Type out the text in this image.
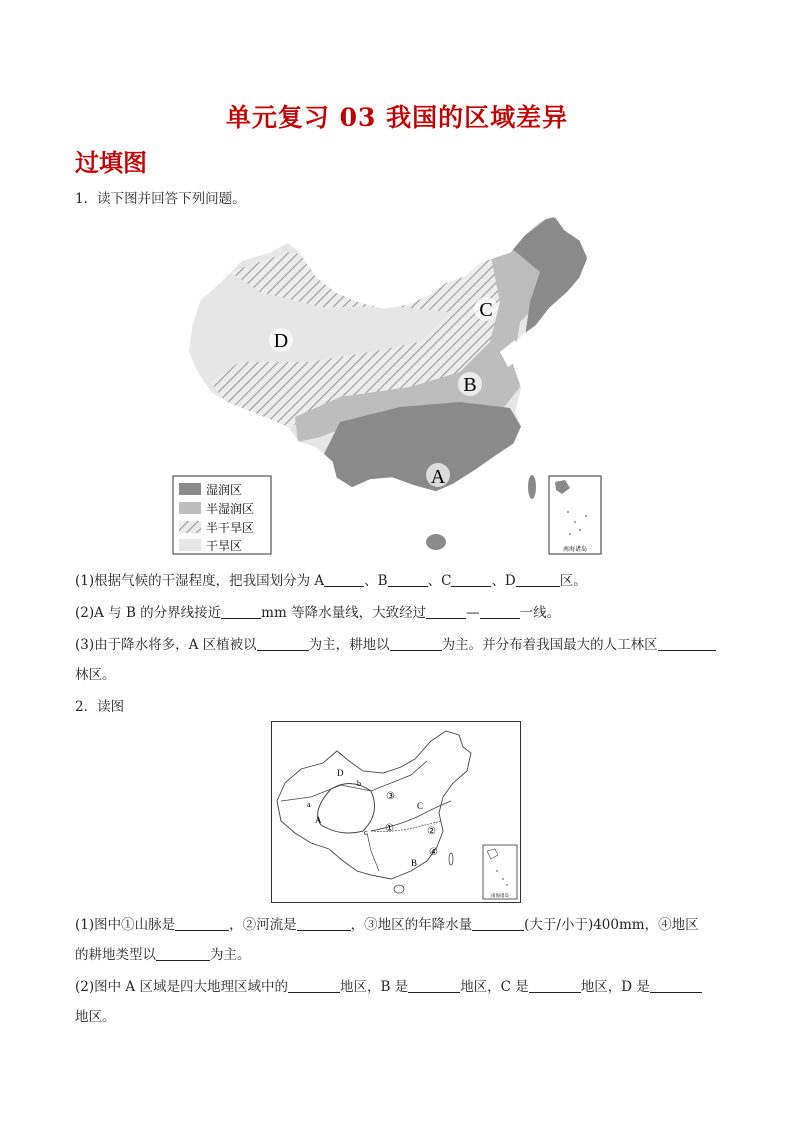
单元复习 03 我国的区域差异
过填图
1．读下图并回答下列问题。
D
C
B
A
湿润区
半湿润区
半干旱区
干旱区	南海诸岛
(1)根据气候的干湿程度，把我国划分为 A	、B	、C	、D	区。
(2)A 与 B 的分界线接近	mm 等降水量线，大致经过	—	一线。
(3)由于降水将多，A 区植被以	为主，耕地以	为主。并分布着我国最大的人工林区
林区。
2．读图
D
b
a
A
c
C
B
③
①	②
④
南海诸岛
(1)图中①山脉是	，②河流是	，③地区的年降水量	(大于/小于)400mm，④地区
的耕地类型以	为主。
(2)图中 A 区域是四大地理区域中的	地区，B 是	地区，C 是	地区，D 是
地区。
